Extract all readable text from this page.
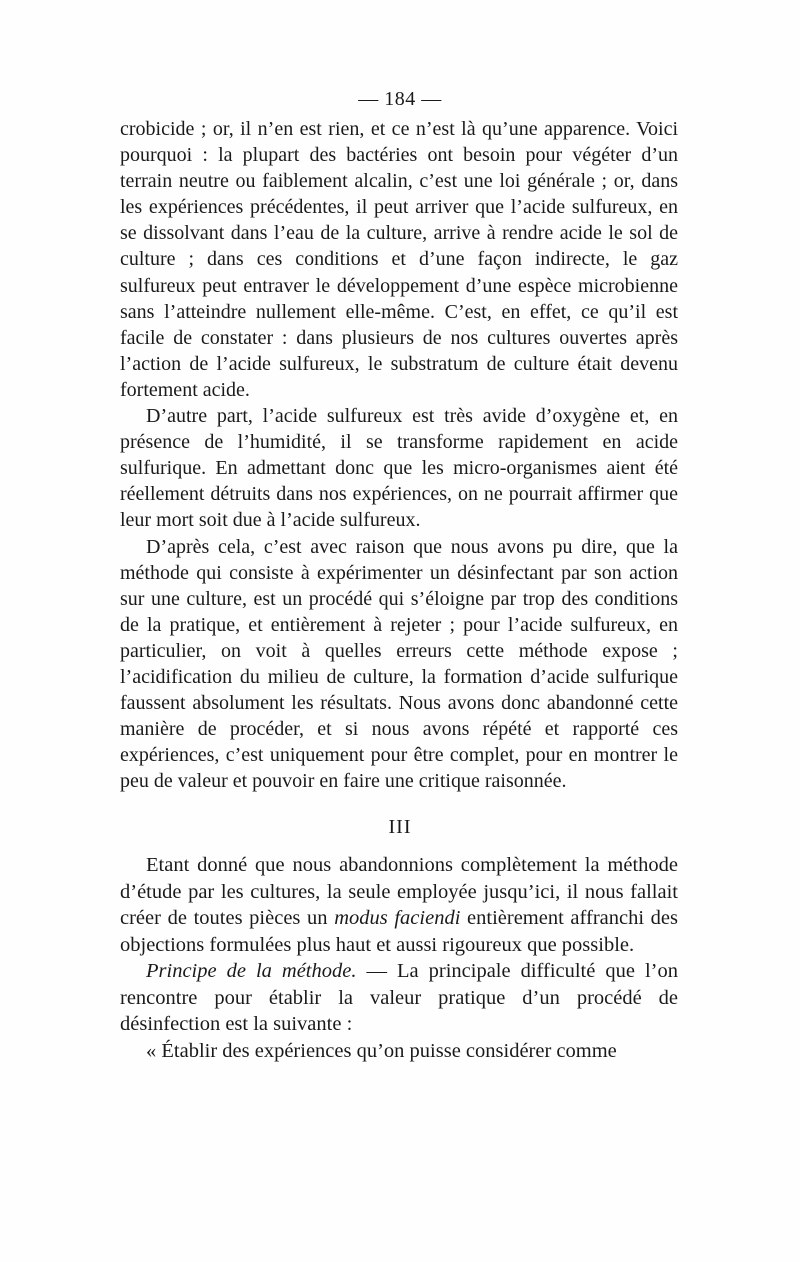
— 184 —

crobicide ; or, il n’en est rien, et ce n’est là qu’une apparence. Voici pourquoi : la plupart des bactéries ont besoin pour végéter d’un terrain neutre ou faiblement alcalin, c’est une loi générale ; or, dans les expériences précédentes, il peut arriver que l’acide sulfureux, en se dissolvant dans l’eau de la culture, arrive à rendre acide le sol de culture ; dans ces conditions et d’une façon indirecte, le gaz sulfureux peut entraver le développement d’une espèce microbienne sans l’atteindre nullement elle-même. C’est, en effet, ce qu’il est facile de constater : dans plusieurs de nos cultures ouvertes après l’action de l’acide sulfureux, le substratum de culture était devenu fortement acide.

D’autre part, l’acide sulfureux est très avide d’oxygène et, en présence de l’humidité, il se transforme rapidement en acide sulfurique. En admettant donc que les micro-organismes aient été réellement détruits dans nos expériences, on ne pourrait affirmer que leur mort soit due à l’acide sulfureux.

D’après cela, c’est avec raison que nous avons pu dire, que la méthode qui consiste à expérimenter un désinfectant par son action sur une culture, est un procédé qui s’éloigne par trop des conditions de la pratique, et entièrement à rejeter ; pour l’acide sulfureux, en particulier, on voit à quelles erreurs cette méthode expose ; l’acidification du milieu de culture, la formation d’acide sulfurique faussent absolument les résultats. Nous avons donc abandonné cette manière de procéder, et si nous avons répété et rapporté ces expériences, c’est uniquement pour être complet, pour en montrer le peu de valeur et pouvoir en faire une critique raisonnée.

III

Etant donné que nous abandonnions complètement la méthode d’étude par les cultures, la seule employée jusqu’ici, il nous fallait créer de toutes pièces un modus faciendi entièrement affranchi des objections formulées plus haut et aussi rigoureux que possible.

Principe de la méthode. — La principale difficulté que l’on rencontre pour établir la valeur pratique d’un procédé de désinfection est la suivante :

« Établir des expériences qu’on puisse considérer comme
